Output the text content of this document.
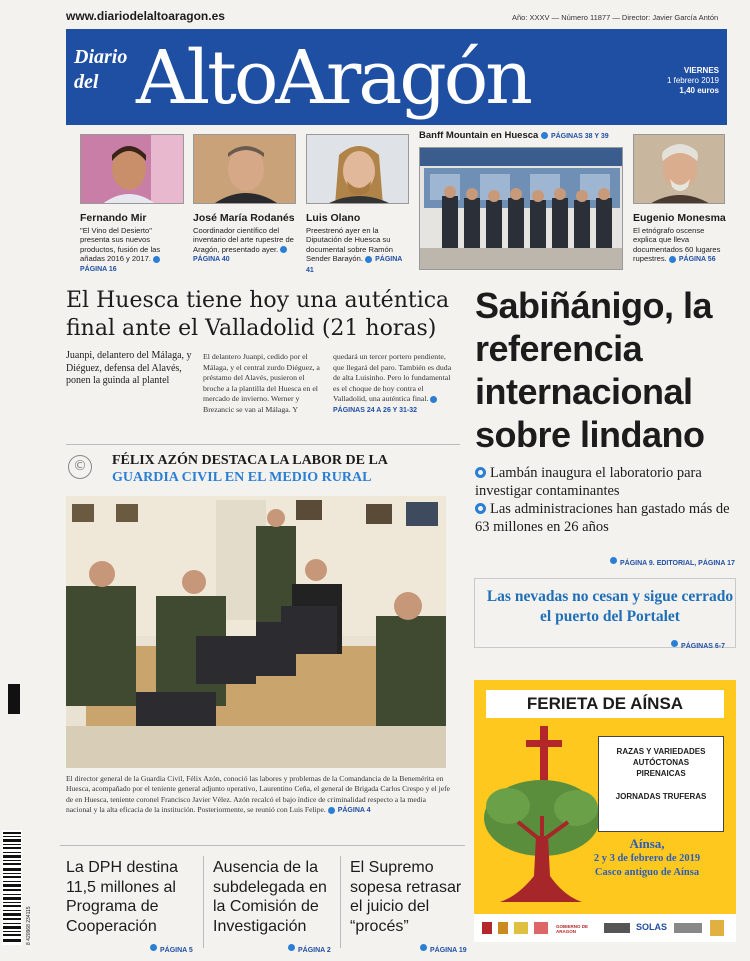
www.diariodelaltoaragon.es	Año: XXXV — Número 11877 — Director: Javier García Antón
Diario
del AltoAragón	VIERNES
1 febrero 2019
1,40 euros
Fernando Mir
"El Vino del Desierto" presenta sus nuevos productos, fusión de las añadas 2016 y 2017. PÁGINA 16
José María Rodanés
Coordinador científico del inventario del arte rupestre de Aragón, presentado ayer. PÁGINA 40
Luis Olano
Preestrenó ayer en la Diputación de Huesca su documental sobre Ramón Sender Barayón. PÁGINA 41
Banff Mountain en Huesca PÁGINAS 38 Y 39
Eugenio Monesma
El etnógrafo oscense explica que lleva documentados 60 lugares rupestres. PÁGINA 56
El Huesca tiene hoy una auténtica final ante el Valladolid (21 horas)
Juanpi, delantero del Málaga, y Diéguez, defensa del Alavés, ponen la guinda al plantel
El delantero Juanpi, cedido por el Málaga, y el central zurdo Diéguez, a préstamo del Alavés, pusieron el broche a la plantilla del Huesca en el mercado de invierno. Werner y Brezancic se van al Málaga. Y
quedará un tercer portero pendiente, que llegará del paro. También es duda de alta Luisinho. Pero lo fundamental es el choque de hoy contra el Valladolid, una auténtica final. PÁGINAS 24 A 26 Y 31-32
©	FÉLIX AZÓN DESTACA LA LABOR DE LA
GUARDIA CIVIL EN EL MEDIO RURAL
El director general de la Guardia Civil, Félix Azón, conoció las labores y problemas de la Comandancia de la Benemérita en Huesca, acompañado por el teniente general adjunto operativo, Laurentino Ceña, el general de Brigada Carlos Crespo y el jefe de en Huesca, teniente coronel Francisco Javier Vélez. Azón recalcó el bajo índice de criminalidad respecto a la media nacional y la alta eficacia de la institución. Posteriormente, se reunió con Luis Felipe. PÁGINA 4
Sabiñánigo, la referencia internacional sobre lindano
Lambán inaugura el laboratorio para investigar contaminantes
Las administraciones han gastado más de 63 millones en 26 años
PÁGINA 9. EDITORIAL, PÁGINA 17
Las nevadas no cesan y sigue cerrado el puerto del Portalet
PÁGINAS 6-7
FERIETA DE AÍNSA
RAZAS Y VARIEDADES
AUTÓCTONAS
PIRENAICAS
JORNADAS TRUFERAS
Aínsa,
2 y 3 de febrero de 2019
Casco antiguo de Aínsa
GOBIERNO DE ARAGON	SOLAS
La DPH destina 11,5 millones al Programa de Cooperación
PÁGINA 5
Ausencia de la subdelegada en la Comisión de Investigación
PÁGINA 2
El Supremo sopesa retrasar el juicio del “procés”
PÁGINA 19
8 420968 234115
